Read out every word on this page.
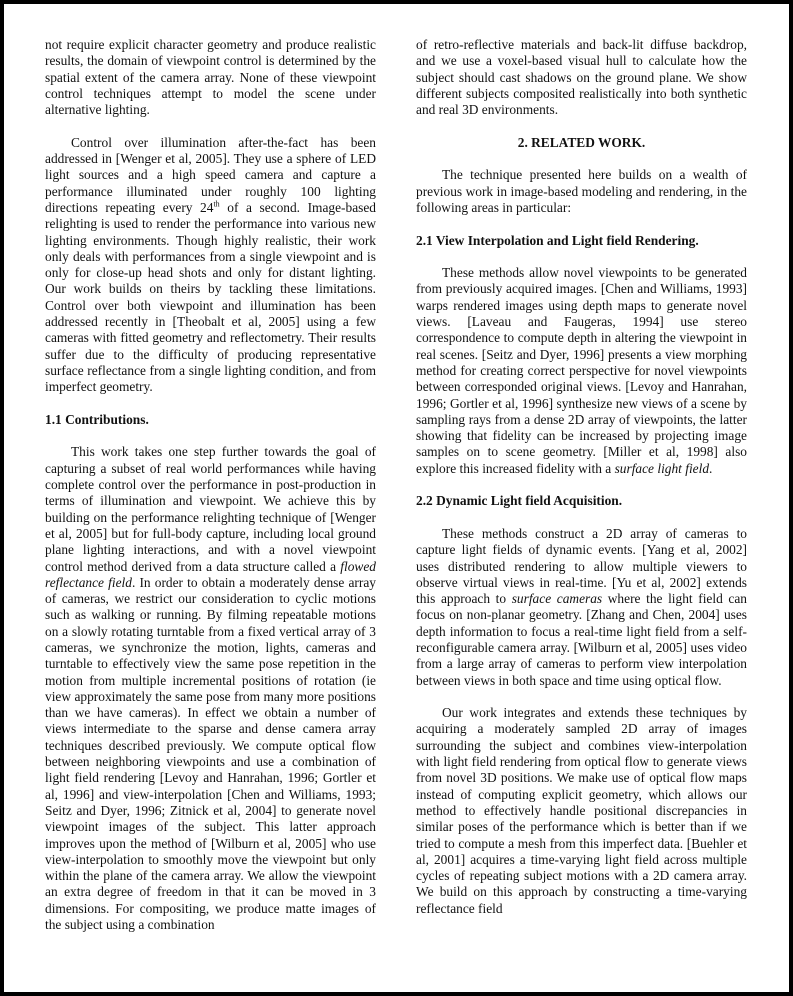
not require explicit character geometry and produce realistic results, the domain of viewpoint control is determined by the spatial extent of the camera array. None of these viewpoint control techniques attempt to model the scene under alternative lighting.

Control over illumination after-the-fact has been addressed in [Wenger et al, 2005]. They use a sphere of LED light sources and a high speed camera and capture a performance illuminated under roughly 100 lighting directions repeating every 24th of a second. Image-based relighting is used to render the performance into various new lighting environments. Though highly realistic, their work only deals with performances from a single viewpoint and is only for close-up head shots and only for distant lighting. Our work builds on theirs by tackling these limitations. Control over both viewpoint and illumination has been addressed recently in [Theobalt et al, 2005] using a few cameras with fitted geometry and reflectometry. Their results suffer due to the difficulty of producing representative surface reflectance from a single lighting condition, and from imperfect geometry.

1.1 Contributions.

This work takes one step further towards the goal of capturing a subset of real world performances while having complete control over the performance in post-production in terms of illumination and viewpoint. We achieve this by building on the performance relighting technique of [Wenger et al, 2005] but for full-body capture, including local ground plane lighting interactions, and with a novel viewpoint control method derived from a data structure called a flowed reflectance field. In order to obtain a moderately dense array of cameras, we restrict our consideration to cyclic motions such as walking or running. By filming repeatable motions on a slowly rotating turntable from a fixed vertical array of 3 cameras, we synchronize the motion, lights, cameras and turntable to effectively view the same pose repetition in the motion from multiple incremental positions of rotation (ie view approximately the same pose from many more positions than we have cameras). In effect we obtain a number of views intermediate to the sparse and dense camera array techniques described previously. We compute optical flow between neighboring viewpoints and use a combination of light field rendering [Levoy and Hanrahan, 1996; Gortler et al, 1996] and view-interpolation [Chen and Williams, 1993; Seitz and Dyer, 1996; Zitnick et al, 2004] to generate novel viewpoint images of the subject. This latter approach improves upon the method of [Wilburn et al, 2005] who use view-interpolation to smoothly move the viewpoint but only within the plane of the camera array. We allow the viewpoint an extra degree of freedom in that it can be moved in 3 dimensions. For compositing, we produce matte images of the subject using a combination

of retro-reflective materials and back-lit diffuse backdrop, and we use a voxel-based visual hull to calculate how the subject should cast shadows on the ground plane. We show different subjects composited realistically into both synthetic and real 3D environments.

2. RELATED WORK.

The technique presented here builds on a wealth of previous work in image-based modeling and rendering, in the following areas in particular:

2.1 View Interpolation and Light field Rendering.

These methods allow novel viewpoints to be generated from previously acquired images. [Chen and Williams, 1993] warps rendered images using depth maps to generate novel views. [Laveau and Faugeras, 1994] use stereo correspondence to compute depth in altering the viewpoint in real scenes. [Seitz and Dyer, 1996] presents a view morphing method for creating correct perspective for novel viewpoints between corresponded original views. [Levoy and Hanrahan, 1996; Gortler et al, 1996] synthesize new views of a scene by sampling rays from a dense 2D array of viewpoints, the latter showing that fidelity can be increased by projecting image samples on to scene geometry. [Miller et al, 1998] also explore this increased fidelity with a surface light field.

2.2 Dynamic Light field Acquisition.

These methods construct a 2D array of cameras to capture light fields of dynamic events. [Yang et al, 2002] uses distributed rendering to allow multiple viewers to observe virtual views in real-time. [Yu et al, 2002] extends this approach to surface cameras where the light field can focus on non-planar geometry. [Zhang and Chen, 2004] uses depth information to focus a real-time light field from a self-reconfigurable camera array. [Wilburn et al, 2005] uses video from a large array of cameras to perform view interpolation between views in both space and time using optical flow.

Our work integrates and extends these techniques by acquiring a moderately sampled 2D array of images surrounding the subject and combines view-interpolation with light field rendering from optical flow to generate views from novel 3D positions. We make use of optical flow maps instead of computing explicit geometry, which allows our method to effectively handle positional discrepancies in similar poses of the performance which is better than if we tried to compute a mesh from this imperfect data. [Buehler et al, 2001] acquires a time-varying light field across multiple cycles of repeating subject motions with a 2D camera array. We build on this approach by constructing a time-varying reflectance field
